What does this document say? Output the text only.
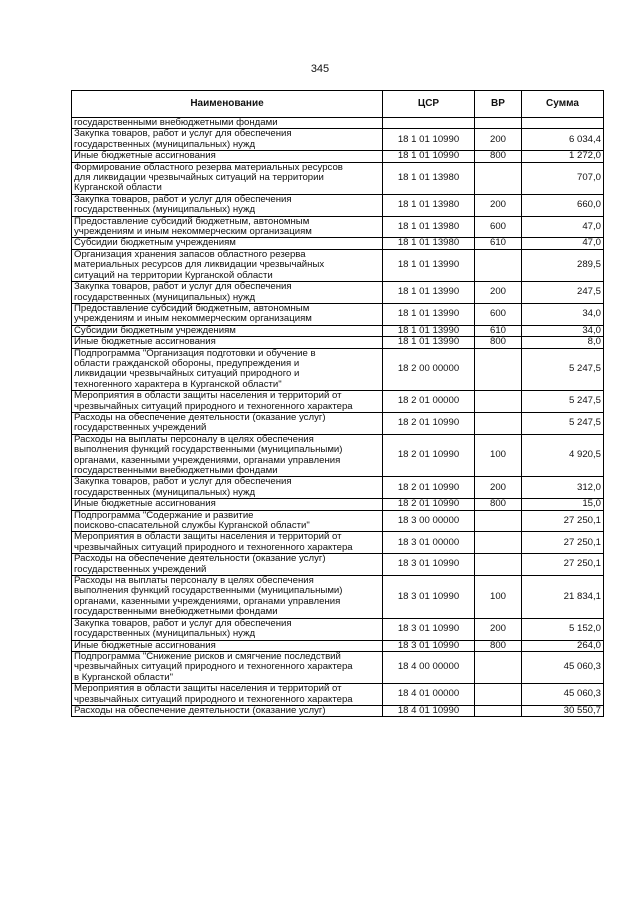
345
Наименование	ЦСР	ВР	Сумма

государственными внебюджетными фондами			

Закупка товаров, работ и услуг для обеспечения
государственных (муниципальных) нужд	18 1 01 10990	200	6 034,4

Иные бюджетные ассигнования	18 1 01 10990	800	1 272,0

Формирование областного резерва материальных ресурсов
для ликвидации чрезвычайных ситуаций на территории
Курганской области	18 1 01 13980		707,0

Закупка товаров, работ и услуг для обеспечения
государственных (муниципальных) нужд	18 1 01 13980	200	660,0

Предоставление субсидий бюджетным, автономным
учреждениям и иным некоммерческим организациям	18 1 01 13980	600	47,0

Субсидии бюджетным учреждениям	18 1 01 13980	610	47,0

Организация хранения запасов областного резерва
материальных ресурсов для ликвидации чрезвычайных
ситуаций на территории Курганской области	18 1 01 13990		289,5

Закупка товаров, работ и услуг для обеспечения
государственных (муниципальных) нужд	18 1 01 13990	200	247,5

Предоставление субсидий бюджетным, автономным
учреждениям и иным некоммерческим организациям	18 1 01 13990	600	34,0

Субсидии бюджетным учреждениям	18 1 01 13990	610	34,0

Иные бюджетные ассигнования	18 1 01 13990	800	8,0

Подпрограмма "Организация подготовки и обучение в
области гражданской обороны, предупреждения и
ликвидации чрезвычайных ситуаций природного и
техногенного характера в Курганской области"	18 2 00 00000		5 247,5

Мероприятия в области защиты населения и территорий от
чрезвычайных ситуаций природного и техногенного характера	18 2 01 00000		5 247,5

Расходы на обеспечение деятельности (оказание услуг)
государственных учреждений	18 2 01 10990		5 247,5

Расходы на выплаты персоналу в целях обеспечения
выполнения функций государственными (муниципальными)
органами, казенными учреждениями, органами управления
государственными внебюджетными фондами	18 2 01 10990	100	4 920,5

Закупка товаров, работ и услуг для обеспечения
государственных (муниципальных) нужд	18 2 01 10990	200	312,0

Иные бюджетные ассигнования	18 2 01 10990	800	15,0

Подпрограмма "Содержание и развитие
поисково-спасательной службы Курганской области"	18 3 00 00000		27 250,1

Мероприятия в области защиты населения и территорий от
чрезвычайных ситуаций природного и техногенного характера	18 3 01 00000		27 250,1

Расходы на обеспечение деятельности (оказание услуг)
государственных учреждений	18 3 01 10990		27 250,1

Расходы на выплаты персоналу в целях обеспечения
выполнения функций государственными (муниципальными)
органами, казенными учреждениями, органами управления
государственными внебюджетными фондами	18 3 01 10990	100	21 834,1

Закупка товаров, работ и услуг для обеспечения
государственных (муниципальных) нужд	18 3 01 10990	200	5 152,0

Иные бюджетные ассигнования	18 3 01 10990	800	264,0

Подпрограмма "Снижение рисков и смягчение последствий
чрезвычайных ситуаций природного и техногенного характера
в Курганской области"	18 4 00 00000		45 060,3

Мероприятия в области защиты населения и территорий от
чрезвычайных ситуаций природного и техногенного характера	18 4 01 00000		45 060,3

Расходы на обеспечение деятельности (оказание услуг)	18 4 01 10990		30 550,7
